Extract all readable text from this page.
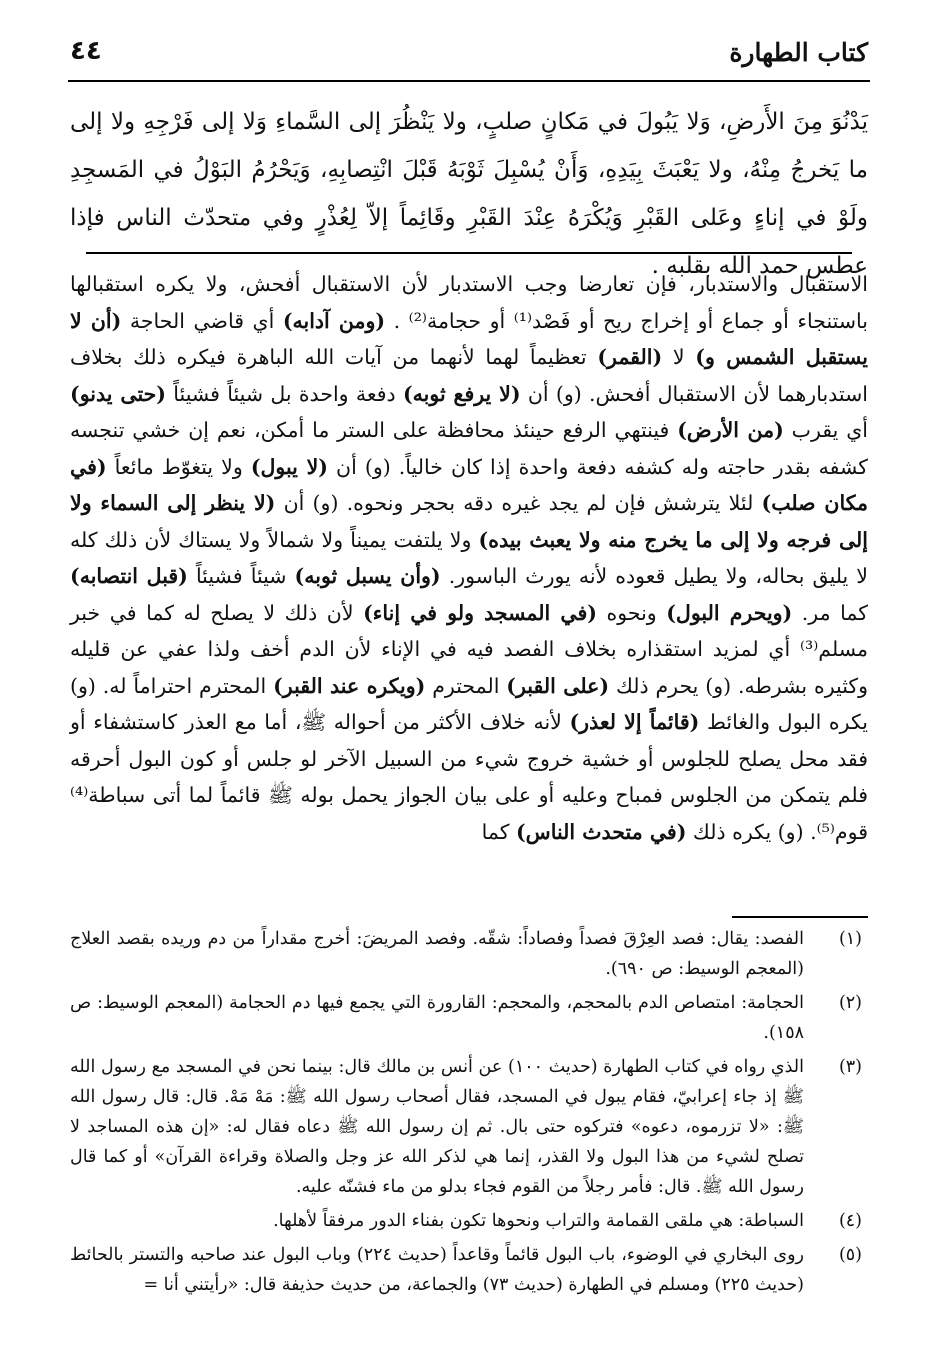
كتاب الطهارة
٤٤

يَدْنُوَ مِنَ الأَرضِ، وَلا يَبُولَ في مَكانٍ صلبٍ، ولا يَنْظُرَ إلى السَّماءِ وَلا إلى فَرْجِهِ ولا إلى ما يَخرجُ مِنْهُ، ولا يَعْبَثَ بِيَدِهِ، وَأَنْ يُسْبِلَ ثَوْبَهُ قَبْلَ انْتِصابِهِ، وَيَحْرُمُ البَوْلُ في المَسجِدِ ولَوْ في إناءٍ وعَلى القَبْرِ وَيُكْرَهُ عِنْدَ القَبْرِ وقَائِماً إلاّ لِعُذْرٍ وفي متحدّث الناس فإذا عطس حمد الله بقلبه .

الاستقبال والاستدبار، فإن تعارضا وجب الاستدبار لأن الاستقبال أفحش، ولا يكره استقبالها باستنجاء أو جماع أو إخراج ريح أو فَصْد⁽¹⁾ أو حجامة⁽²⁾ . (ومن آدابه) أي قاضي الحاجة (أن لا يستقبل الشمس و) لا (القمر) تعظيماً لهما لأنهما من آيات الله الباهرة فيكره ذلك بخلاف استدبارهما لأن الاستقبال أفحش. (و) أن (لا يرفع ثوبه) دفعة واحدة بل شيئاً فشيئاً (حتى يدنو) أي يقرب (من الأرض) فينتهي الرفع حينئذ محافظة على الستر ما أمكن، نعم إن خشي تنجسه كشفه بقدر حاجته وله كشفه دفعة واحدة إذا كان خالياً. (و) أن (لا يبول) ولا يتغوّط مائعاً (في مكان صلب) لئلا يترشش فإن لم يجد غيره دقه بحجر ونحوه. (و) أن (لا ينظر إلى السماء ولا إلى فرجه ولا إلى ما يخرج منه ولا يعبث بيده) ولا يلتفت يميناً ولا شمالاً ولا يستاك لأن ذلك كله لا يليق بحاله، ولا يطيل قعوده لأنه يورث الباسور. (وأن يسبل ثوبه) شيئاً فشيئاً (قبل انتصابه) كما مر. (ويحرم البول) ونحوه (في المسجد ولو في إناء) لأن ذلك لا يصلح له كما في خبر مسلم⁽³⁾ أي لمزيد استقذاره بخلاف الفصد فيه في الإناء لأن الدم أخف ولذا عفي عن قليله وكثيره بشرطه. (و) يحرم ذلك (على القبر) المحترم (ويكره عند القبر) المحترم احتراماً له. (و) يكره البول والغائط (قائماً إلا لعذر) لأنه خلاف الأكثر من أحواله ﷺ، أما مع العذر كاستشفاء أو فقد محل يصلح للجلوس أو خشية خروج شيء من السبيل الآخر لو جلس أو كون البول أحرقه فلم يتمكن من الجلوس فمباح وعليه أو على بيان الجواز يحمل بوله ﷺ قائماً لما أتى سباطة⁽⁴⁾ قوم⁽⁵⁾. (و) يكره ذلك (في متحدث الناس) كما

(١)
الفصد: يقال: فصد العِرْقَ فصداً وفصاداً: شقّه. وفصد المريضَ: أخرج مقداراً من دم وريده بقصد العلاج (المعجم الوسيط: ص ٦٩٠).
(٢)
الحجامة: امتصاص الدم بالمحجم، والمحجم: القارورة التي يجمع فيها دم الحجامة (المعجم الوسيط: ص ١٥٨).
(٣)
الذي رواه في كتاب الطهارة (حديث ١٠٠) عن أنس بن مالك قال: بينما نحن في المسجد مع رسول الله ﷺ إذ جاء إعرابيّ، فقام يبول في المسجد، فقال أصحاب رسول الله ﷺ: مَهْ مَهْ. قال: قال رسول الله ﷺ: «لا تزرموه، دعوه» فتركوه حتى بال. ثم إن رسول الله ﷺ دعاه فقال له: «إن هذه المساجد لا تصلح لشيء من هذا البول ولا القذر، إنما هي لذكر الله عز وجل والصلاة وقراءة القرآن» أو كما قال رسول الله ﷺ. قال: فأمر رجلاً من القوم فجاء بدلو من ماء فشنّه عليه.
(٤)
السباطة: هي ملقى القمامة والتراب ونحوها تكون بفناء الدور مرفقاً لأهلها.
(٥)
روى البخاري في الوضوء، باب البول قائماً وقاعداً (حديث ٢٢٤) وباب البول عند صاحبه والتستر بالحائط (حديث ٢٢٥) ومسلم في الطهارة (حديث ٧٣) والجماعة، من حديث حذيفة قال: «رأيتني أنا =
